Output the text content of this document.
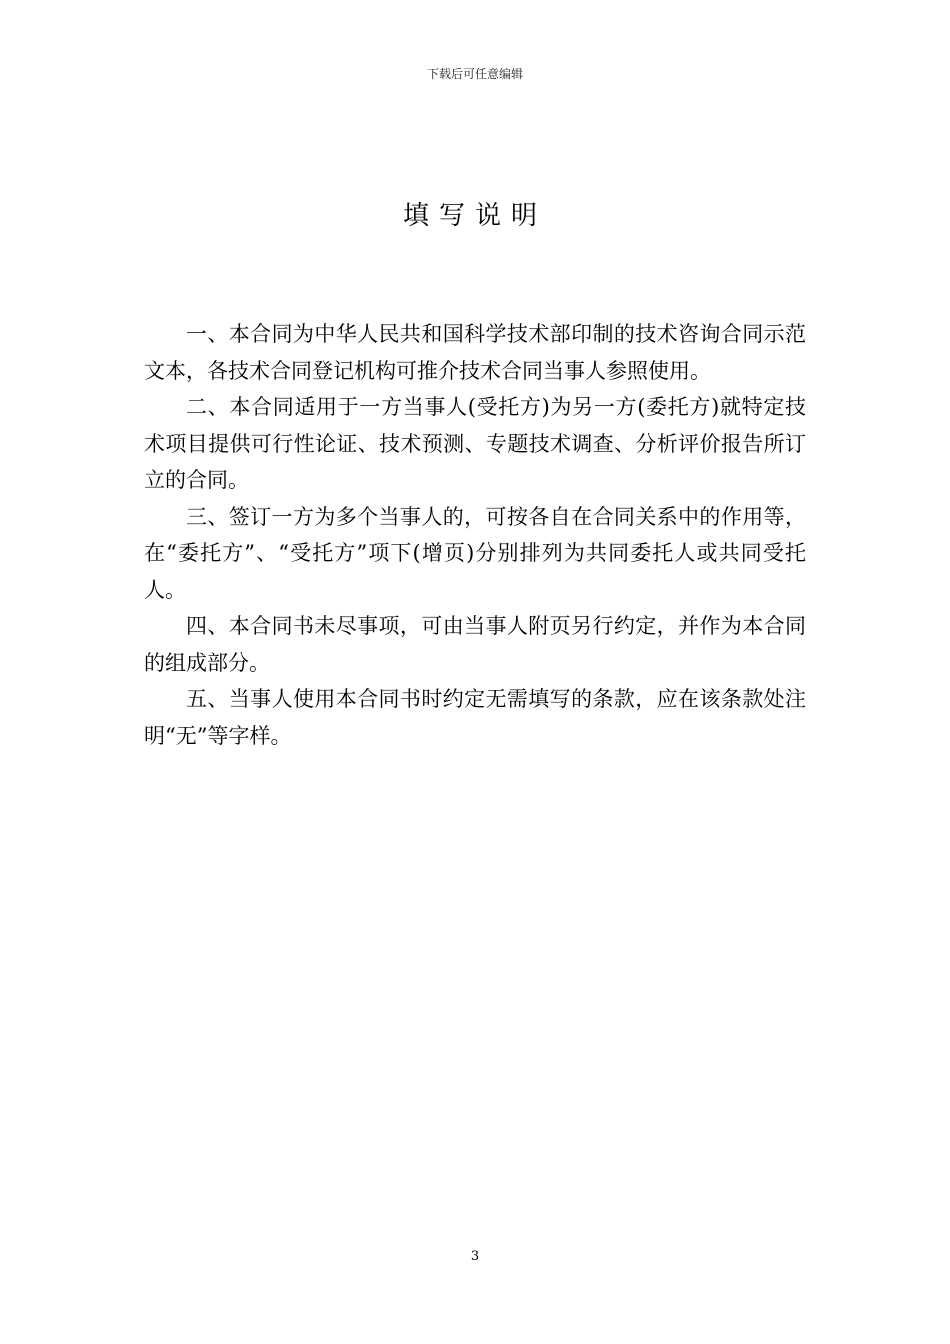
下载后可任意编辑
填写说明

一、本合同为中华人民共和国科学技术部印制的技术咨询合同示范文本，各技术合同登记机构可推介技术合同当事人参照使用。

二、本合同适用于一方当事人(受托方)为另一方(委托方)就特定技术项目提供可行性论证、技术预测、专题技术调查、分析评价报告所订立的合同。

三、签订一方为多个当事人的，可按各自在合同关系中的作用等，在“委托方”、“受托方”项下(增页)分别排列为共同委托人或共同受托人。

四、本合同书未尽事项，可由当事人附页另行约定，并作为本合同的组成部分。

五、当事人使用本合同书时约定无需填写的条款，应在该条款处注明“无”等字样。

3
